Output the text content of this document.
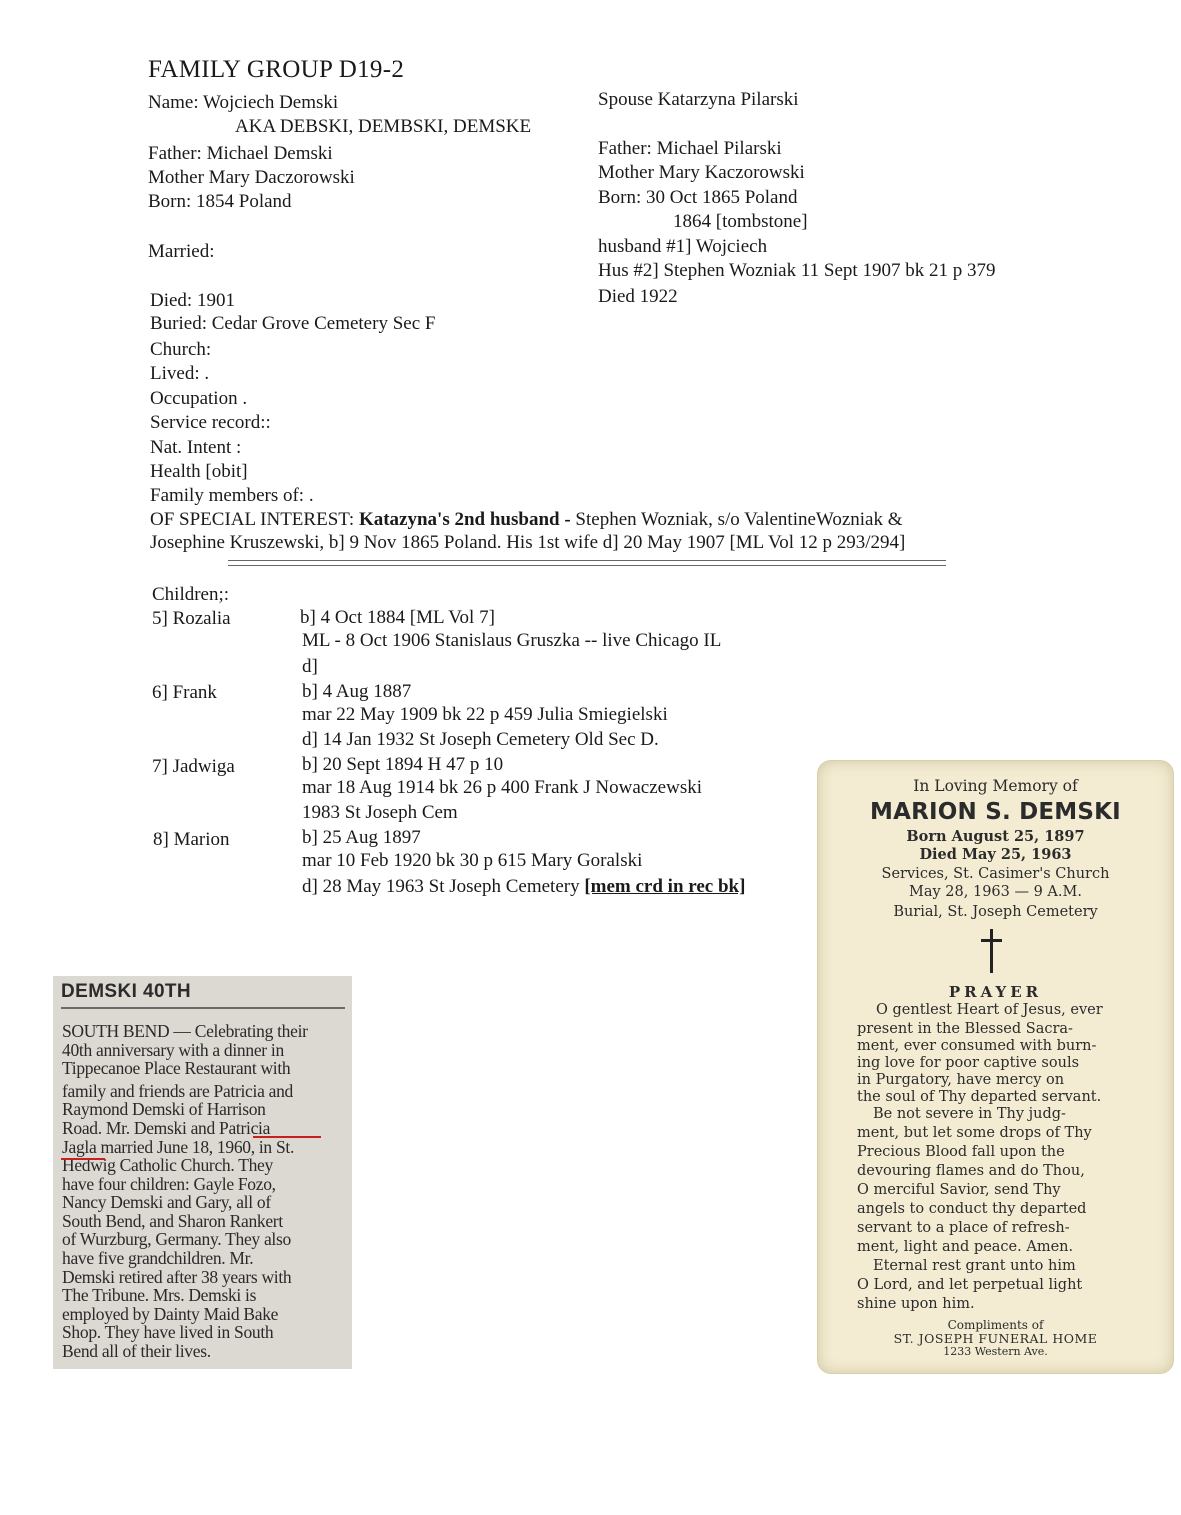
FAMILY GROUP D19-2
Name: Wojciech Demski
AKA DEBSKI, DEMBSKI, DEMSKE
Father: Michael Demski
Mother Mary Daczorowski
Born: 1854 Poland
Married:
Died: 1901
Buried: Cedar Grove Cemetery Sec F
Church:
Lived: .
Occupation .
Service record::
Nat. Intent :
Health [obit]
Family members of: .
Spouse Katarzyna Pilarski
Father: Michael Pilarski
Mother Mary Kaczorowski
Born: 30 Oct 1865 Poland
1864 [tombstone]
husband #1] Wojciech
Hus #2] Stephen Wozniak 11 Sept 1907 bk 21 p 379
Died 1922
OF SPECIAL INTEREST: Katazyna's 2nd husband - Stephen Wozniak, s/o ValentineWozniak &
Josephine Kruszewski, b] 9 Nov 1865 Poland. His 1st wife d] 20 May 1907 [ML Vol 12 p 293/294]
Children;:
5] Rozalia	b] 4 Oct 1884 [ML Vol 7]
ML - 8 Oct 1906 Stanislaus Gruszka -- live Chicago IL
d]
6] Frank	b] 4 Aug 1887
mar 22 May 1909 bk 22 p 459 Julia Smiegielski
d] 14 Jan 1932 St Joseph Cemetery Old Sec D.
7] Jadwiga	b] 20 Sept 1894 H 47 p 10
mar 18 Aug 1914 bk 26 p 400 Frank J Nowaczewski
1983 St Joseph Cem
8] Marion	b] 25 Aug 1897
mar 10 Feb 1920 bk 30 p 615 Mary Goralski
d] 28 May 1963 St Joseph Cemetery [mem crd in rec bk]
DEMSKI 40TH
SOUTH BEND — Celebrating their
40th anniversary with a dinner in
Tippecanoe Place Restaurant with
family and friends are Patricia and
Raymond Demski of Harrison
Road. Mr. Demski and Patricia
Jagla married June 18, 1960, in St.
Hedwig Catholic Church. They
have four children: Gayle Fozo,
Nancy Demski and Gary, all of
South Bend, and Sharon Rankert
of Wurzburg, Germany. They also
have five grandchildren. Mr.
Demski retired after 38 years with
The Tribune. Mrs. Demski is
employed by Dainty Maid Bake
Shop. They have lived in South
Bend all of their lives.
In Loving Memory of
MARION S. DEMSKI
Born August 25, 1897
Died May 25, 1963
Services, St. Casimer's Church
May 28, 1963 — 9 A.M.
Burial, St. Joseph Cemetery
PRAYER
O gentlest Heart of Jesus, ever
present in the Blessed Sacra-
ment, ever consumed with burn-
ing love for poor captive souls
in Purgatory, have mercy on
the soul of Thy departed servant.
Be not severe in Thy judg-
ment, but let some drops of Thy
Precious Blood fall upon the
devouring flames and do Thou,
O merciful Savior, send Thy
angels to conduct thy departed
servant to a place of refresh-
ment, light and peace. Amen.
Eternal rest grant unto him
O Lord, and let perpetual light
shine upon him.
Compliments of
ST. JOSEPH FUNERAL HOME
1233 Western Ave.
